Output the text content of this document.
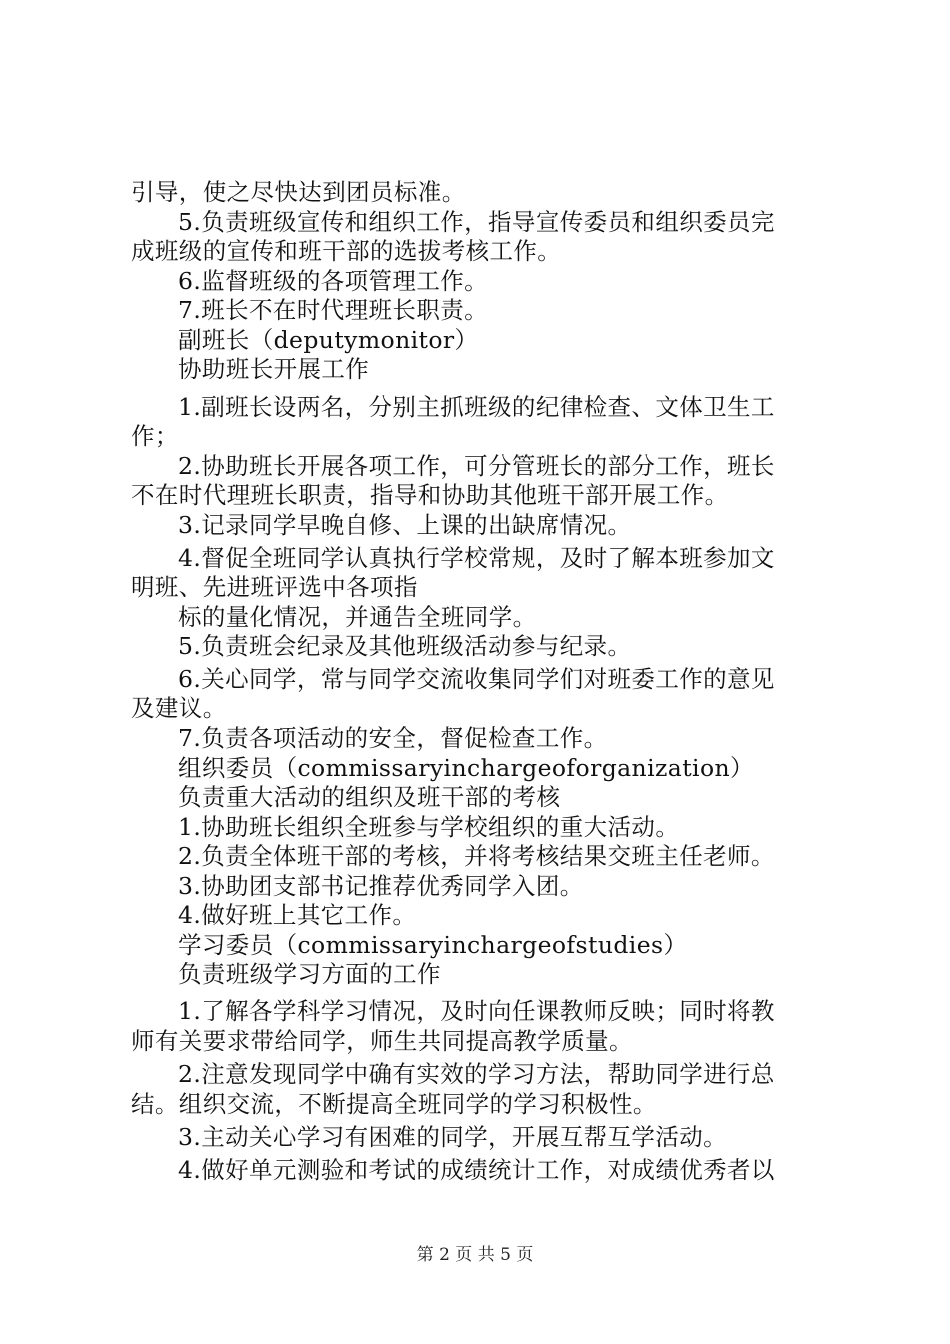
引导，使之尽快达到团员标准。
5.负责班级宣传和组织工作，指导宣传委员和组织委员完
成班级的宣传和班干部的选拔考核工作。
6.监督班级的各项管理工作。
7.班长不在时代理班长职责。
副班长（deputymonitor）
协助班长开展工作
1.副班长设两名，分别主抓班级的纪律检查、文体卫生工
作；
2.协助班长开展各项工作，可分管班长的部分工作，班长
不在时代理班长职责，指导和协助其他班干部开展工作。
3.记录同学早晚自修、上课的出缺席情况。
4.督促全班同学认真执行学校常规，及时了解本班参加文
明班、先进班评选中各项指
标的量化情况，并通告全班同学。
5.负责班会纪录及其他班级活动参与纪录。
6.关心同学，常与同学交流收集同学们对班委工作的意见
及建议。
7.负责各项活动的安全，督促检查工作。
组织委员（commissaryinchargeoforganization）
负责重大活动的组织及班干部的考核
1.协助班长组织全班参与学校组织的重大活动。
2.负责全体班干部的考核，并将考核结果交班主任老师。
3.协助团支部书记推荐优秀同学入团。
4.做好班上其它工作。
学习委员（commissaryinchargeofstudies）
负责班级学习方面的工作
1.了解各学科学习情况，及时向任课教师反映；同时将教
师有关要求带给同学，师生共同提高教学质量。
2.注意发现同学中确有实效的学习方法，帮助同学进行总
结。组织交流，不断提高全班同学的学习积极性。
3.主动关心学习有困难的同学，开展互帮互学活动。
4.做好单元测验和考试的成绩统计工作，对成绩优秀者以
第 2 页 共 5 页
